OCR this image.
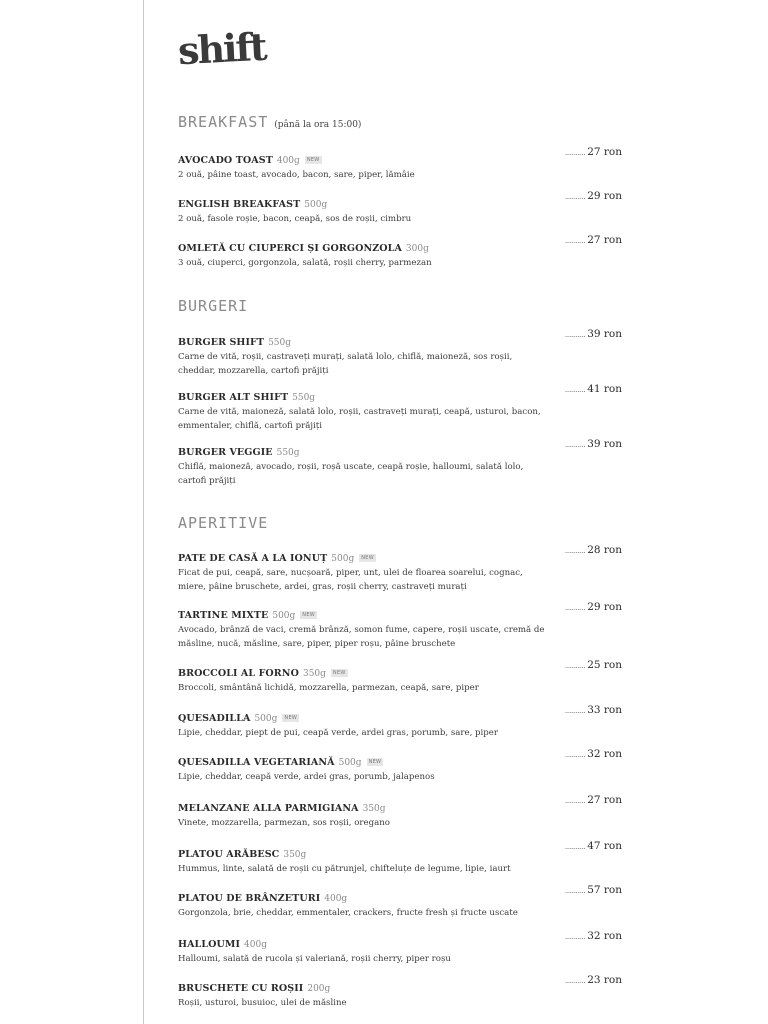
shift
BREAKFAST (până la ora 15:00)
AVOCADO TOAST 400g NEW
2 ouă, pâine toast, avocado, bacon, sare, piper, lămâie
.......... 27 ron
ENGLISH BREAKFAST 500g
2 ouă, fasole roșie, bacon, ceapă, sos de roșii, cimbru
.......... 29 ron
OMLETĂ CU CIUPERCI ȘI GORGONZOLA 300g
3 ouă, ciuperci, gorgonzola, salată, roșii cherry, parmezan
.......... 27 ron
BURGERI
BURGER SHIFT 550g
Carne de vită, roșii, castraveți murați, salată lolo, chiflă, maioneză, sos roșii, cheddar, mozzarella, cartofi prăjiți
.......... 39 ron
BURGER ALT SHIFT 550g
Carne de vită, maioneză, salată lolo, roșii, castraveți murați, ceapă, usturoi, bacon, emmentaler, chiflă, cartofi prăjiți
.......... 41 ron
BURGER VEGGIE 550g
Chiflă, maioneză, avocado, roșii, roșă uscate, ceapă roșie, halloumi, salată lolo, cartofi prăjiți
.......... 39 ron
APERITIVE
PATE DE CASĂ A LA IONUȚ 500g NEW
Ficat de pui, ceapă, sare, nucșoară, piper, unt, ulei de floarea soarelui, cognac, miere, pâine bruschete, ardei, gras, roșii cherry, castraveți murați
.......... 28 ron
TARTINE MIXTE 500g NEW
Avocado, brânză de vaci, cremă brânză, somon fume, capere, roșii uscate, cremă de măsline, nucă, măsline, sare, piper, piper roșu, pâine bruschete
.......... 29 ron
BROCCOLI AL FORNO 350g NEW
Broccoli, smântână lichidă, mozzarella, parmezan, ceapă, sare, piper
.......... 25 ron
QUESADILLA 500g NEW
Lipie, cheddar, piept de pui, ceapă verde, ardei gras, porumb, sare, piper
.......... 33 ron
QUESADILLA VEGETARIANĂ 500g NEW
Lipie, cheddar, ceapă verde, ardei gras, porumb, jalapenos
.......... 32 ron
MELANZANE ALLA PARMIGIANA 350g
Vinete, mozzarella, parmezan, sos roșii, oregano
.......... 27 ron
PLATOU ARĂBESC 350g
Hummus, linte, salată de roșii cu pătrunjel, chifteluțe de legume, lipie, iaurt
.......... 47 ron
PLATOU DE BRÂNZETURI 400g
Gorgonzola, brie, cheddar, emmentaler, crackers, fructe fresh și fructe uscate
.......... 57 ron
HALLOUMI 400g
Halloumi, salată de rucola și valeriană, roșii cherry, piper roșu
.......... 32 ron
BRUSCHETE CU ROȘII 200g
Roșii, usturoi, busuioc, ulei de măsline
.......... 23 ron
